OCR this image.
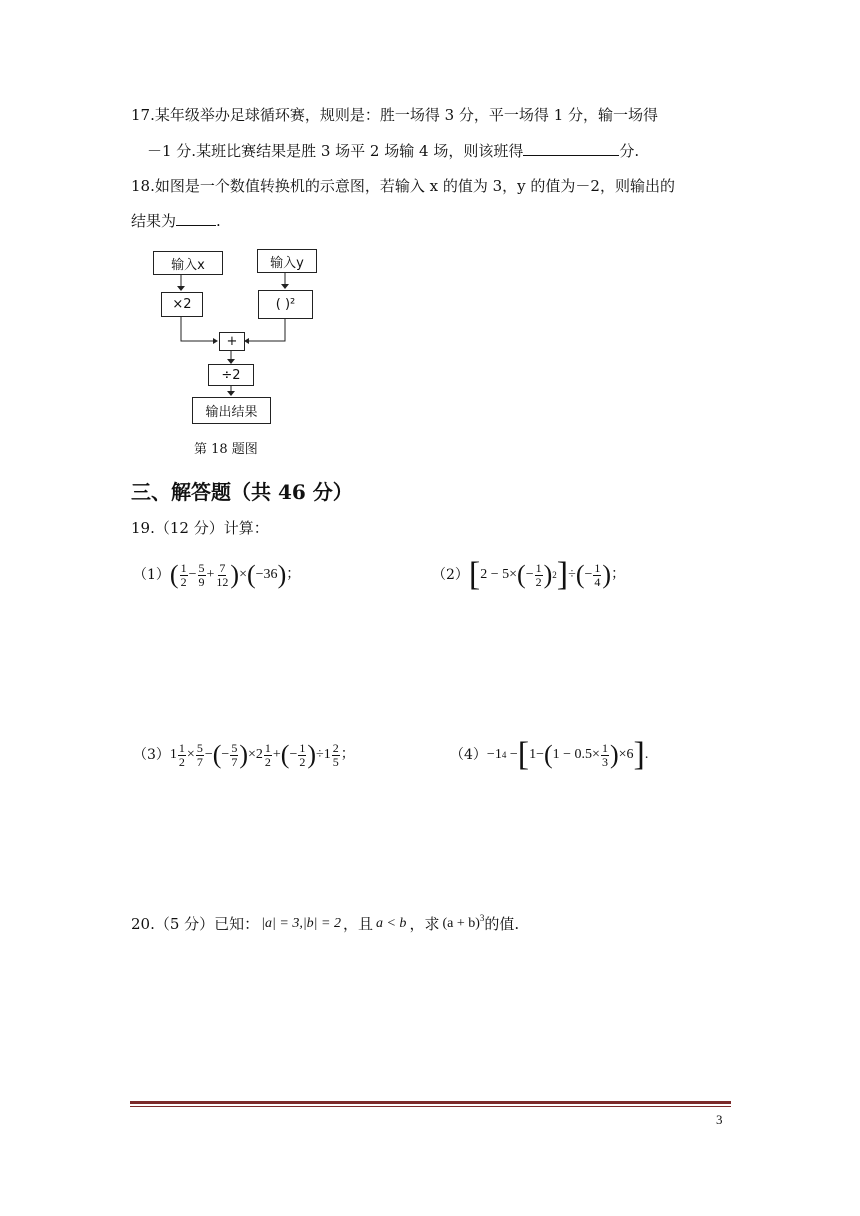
17.某年级举办足球循环赛，规则是：胜一场得 3 分，平一场得 1 分，输一场得
－1 分.某班比赛结果是胜 3 场平 2 场输 4 场，则该班得	分.
18.如图是一个数值转换机的示意图，若输入 x 的值为 3，y 的值为－2，则输出的
结果为	.
输入x	输入y
×2	( )²
+
÷2
输出结果
第 18 题图
三、解答题（共 46 分）
19.（12 分）计算：
（1） ( $\frac{1}{2} - \frac{5}{9} + \frac{7}{12}$ ) × ( −36 ) ；	（2） [ 2 − 5× ( − $\frac{1}{2}$ ) 2 ] ÷ ( − $\frac{1}{4}$ ) ；
（3） $1 \frac{1}{2} \times \frac{5}{7}$ − ( − $\frac{5}{7}$ ) $\times 2 \frac{1}{2}$ + ( − $\frac{1}{2}$ ) $\div 1 \frac{2}{5}$ ；	（4） −1 4 − [ 1− ( $1 - 0.5\times \frac{1}{3}$ ) ×6 ] .
20.（5 分）已知： |a| = 3,|b| = 2 ，且 a < b ，求 $(a + b)^3$ 的值.
3
